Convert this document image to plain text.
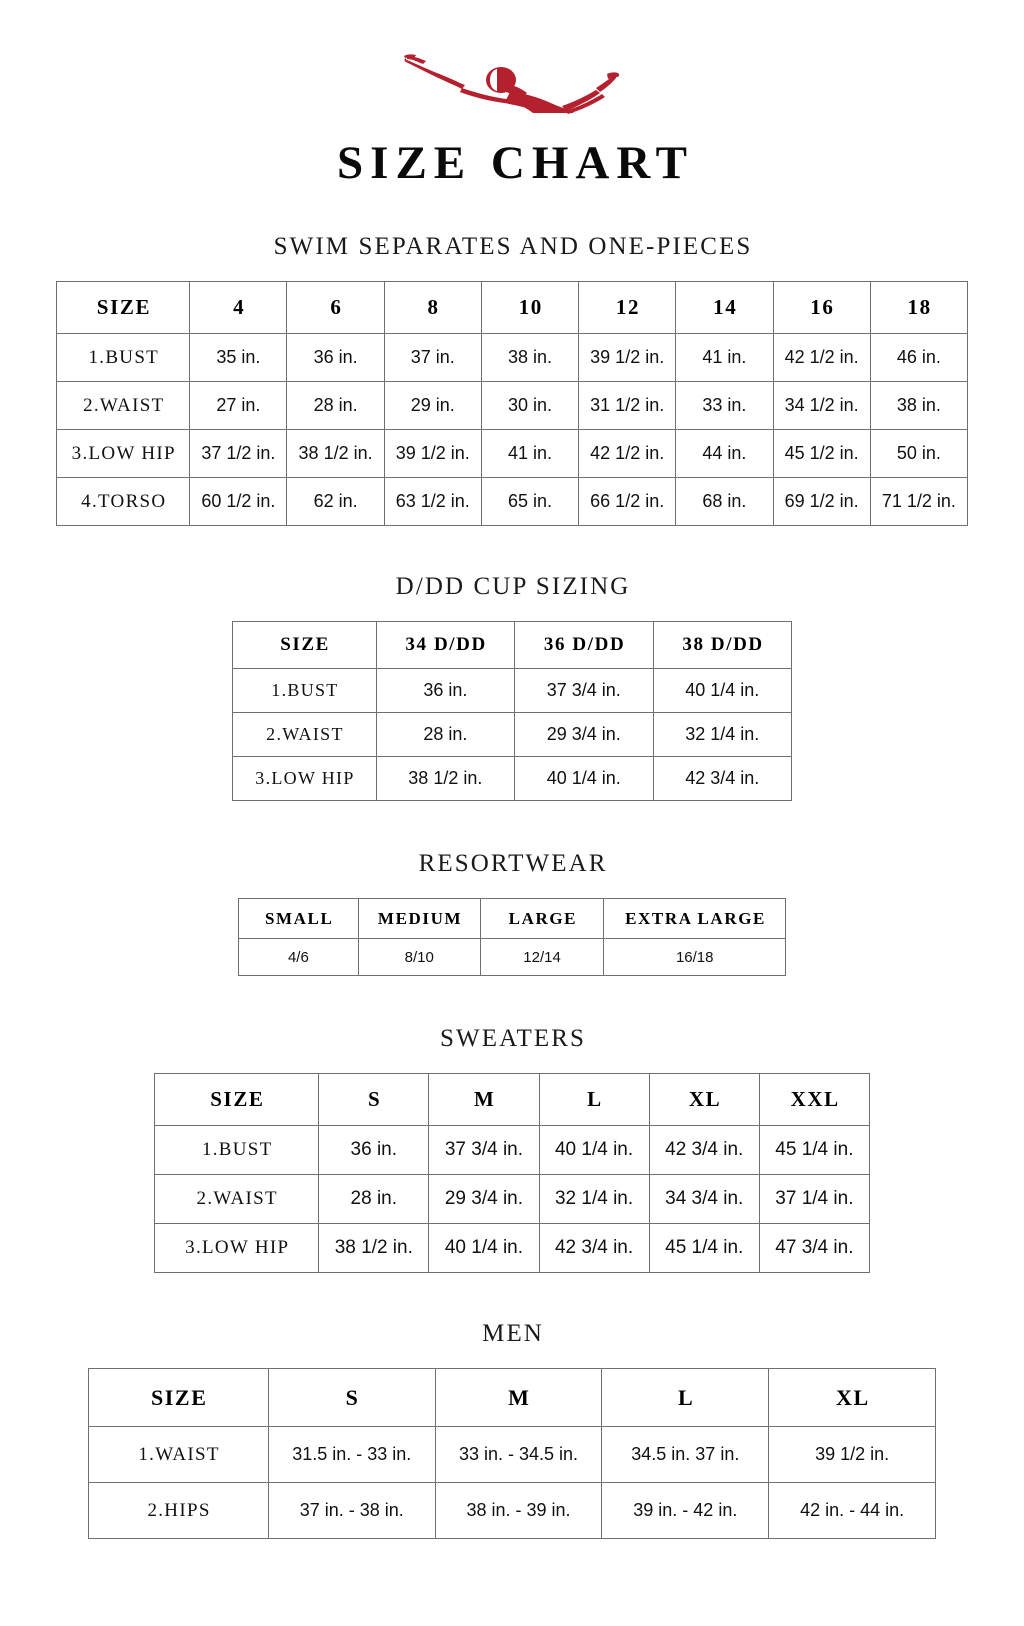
SIZE CHART
SWIM SEPARATES AND ONE-PIECES
SIZE	4	6	8	10	12	14	16	18
1.BUST	35 in.	36 in.	37 in.	38 in.	39 1/2 in.	41 in.	42 1/2 in.	46 in.
2.WAIST	27 in.	28 in.	29 in.	30 in.	31 1/2 in.	33 in.	34 1/2 in.	38 in.
3.LOW HIP	37 1/2 in.	38 1/2 in.	39 1/2 in.	41 in.	42 1/2 in.	44 in.	45 1/2 in.	50 in.
4.TORSO	60 1/2 in.	62 in.	63 1/2 in.	65 in.	66 1/2 in.	68 in.	69 1/2 in.	71 1/2 in.
D/DD CUP SIZING
SIZE	34 D/DD	36 D/DD	38 D/DD
1.BUST	36 in.	37 3/4 in.	40 1/4 in.
2.WAIST	28 in.	29 3/4 in.	32 1/4 in.
3.LOW HIP	38 1/2 in.	40 1/4 in.	42 3/4 in.
RESORTWEAR
SMALL	MEDIUM	LARGE	EXTRA LARGE
4/6	8/10	12/14	16/18
SWEATERS
SIZE	S	M	L	XL	XXL
1.BUST	36 in.	37 3/4 in.	40 1/4 in.	42 3/4 in.	45 1/4 in.
2.WAIST	28 in.	29 3/4 in.	32 1/4 in.	34 3/4 in.	37 1/4 in.
3.LOW HIP	38 1/2 in.	40 1/4 in.	42 3/4 in.	45 1/4 in.	47 3/4 in.
MEN
SIZE	S	M	L	XL
1.WAIST	31.5 in. - 33 in.	33 in. - 34.5 in.	34.5 in. 37 in.	39 1/2 in.
2.HIPS	37 in. - 38 in.	38 in. - 39 in.	39 in. - 42 in.	42 in. - 44 in.
